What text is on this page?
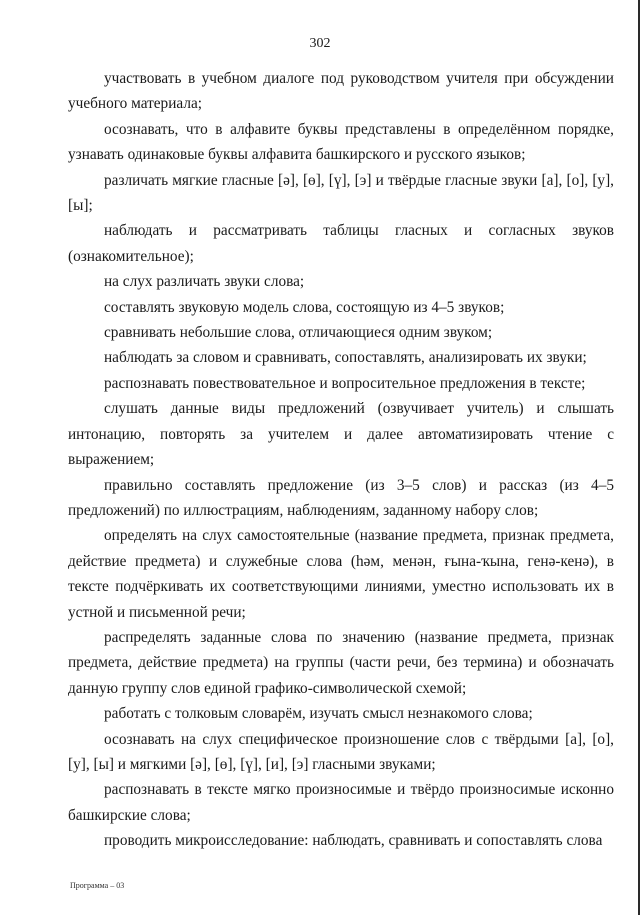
302

участвовать в учебном диалоге под руководством учителя при обсуждении учебного материала;

осознавать, что в алфавите буквы представлены в определённом порядке, узнавать одинаковые буквы алфавита башкирского и русского языков;

различать мягкие гласные [ә], [ө], [ү], [э] и твёрдые гласные звуки [а], [о], [у], [ы];

наблюдать и рассматривать таблицы гласных и согласных звуков (ознакомительное);

на слух различать звуки слова;

составлять звуковую модель слова, состоящую из 4–5 звуков;

сравнивать небольшие слова, отличающиеся одним звуком;

наблюдать за словом и сравнивать, сопоставлять, анализировать их звуки;

распознавать повествовательное и вопросительное предложения в тексте;

слушать данные виды предложений (озвучивает учитель) и слышать интонацию, повторять за учителем и далее автоматизировать чтение с выражением;

правильно составлять предложение (из 3–5 слов) и рассказ (из 4–5 предложений) по иллюстрациям, наблюдениям, заданному набору слов;

определять на слух самостоятельные (название предмета, признак предмета, действие предмета) и служебные слова (һәм, менән, ғына-ҡына, генә-кенә), в тексте подчёркивать их соответствующими линиями, уместно использовать их в устной и письменной речи;

распределять заданные слова по значению (название предмета, признак предмета, действие предмета) на группы (части речи, без термина) и обозначать данную группу слов единой графико-символической схемой;

работать с толковым словарём, изучать смысл незнакомого слова;

осознавать на слух специфическое произношение слов с твёрдыми [а], [о], [у], [ы] и мягкими [ә], [ө], [ү], [и], [э] гласными звуками;

распознавать в тексте мягко произносимые и твёрдо произносимые исконно башкирские слова;

проводить микроисследование: наблюдать, сравнивать и сопоставлять слова

Программа – 03
